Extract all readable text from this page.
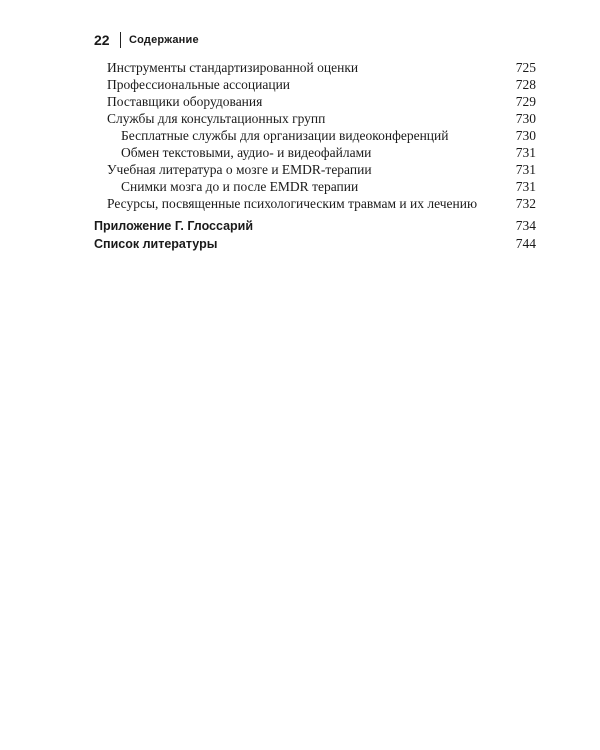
22	Содержание
Инструменты стандартизированной оценки	725
Профессиональные ассоциации	728
Поставщики оборудования	729
Службы для консультационных групп	730
Бесплатные службы для организации видеоконференций	730
Обмен текстовыми, аудио- и видеофайлами	731
Учебная литература о мозге и EMDR-терапии	731
Снимки мозга до и после EMDR терапии	731
Ресурсы, посвященные психологическим травмам и их лечению	732
Приложение Г. Глоссарий	734
Список литературы	744
